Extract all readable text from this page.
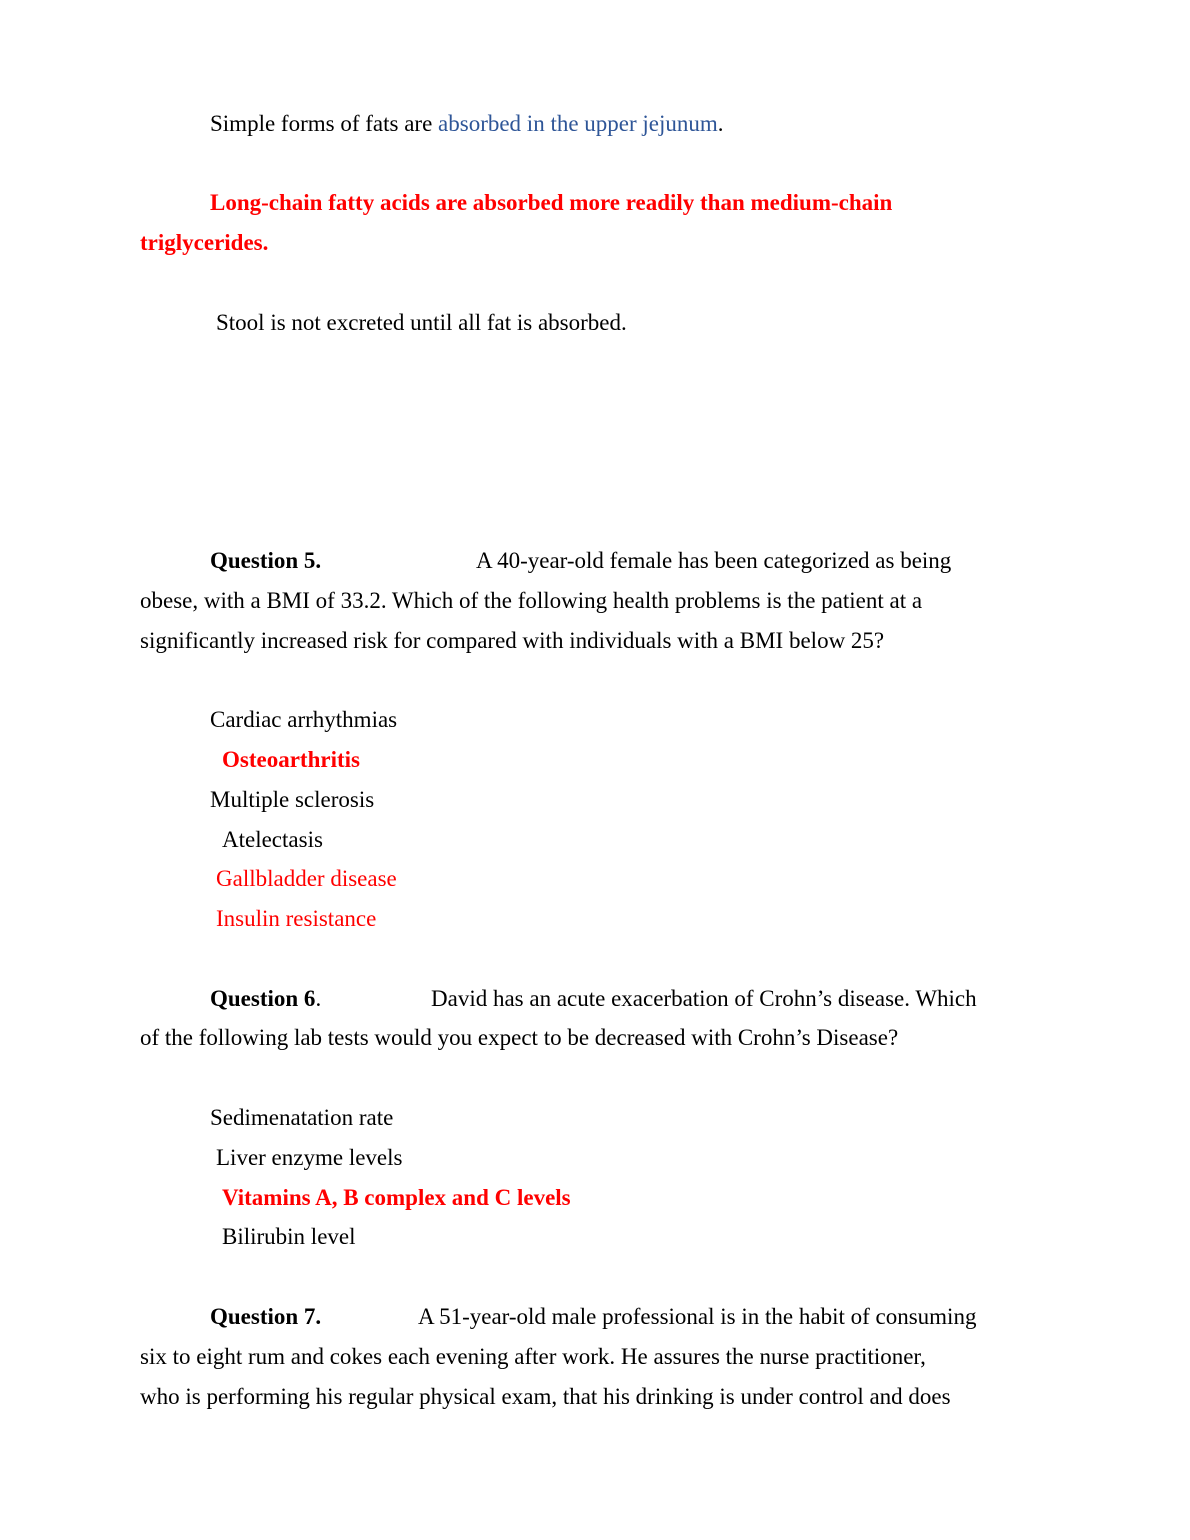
Simple forms of fats are absorbed in the upper jejunum.
Long-chain fatty acids are absorbed more readily than medium-chain
triglycerides.
Stool is not excreted until all fat is absorbed.
Question 5.	A 40-year-old female has been categorized as being
obese, with a BMI of 33.2. Which of the following health problems is the patient at a
significantly increased risk for compared with individuals with a BMI below 25?
Cardiac arrhythmias
Osteoarthritis
Multiple sclerosis
Atelectasis
Gallbladder disease
Insulin resistance
Question 6.	David has an acute exacerbation of Crohn’s disease. Which
of the following lab tests would you expect to be decreased with Crohn’s Disease?
Sedimenatation rate
Liver enzyme levels
Vitamins A, B complex and C levels
Bilirubin level
Question 7.	A 51-year-old male professional is in the habit of consuming
six to eight rum and cokes each evening after work. He assures the nurse practitioner,
who is performing his regular physical exam, that his drinking is under control and does
